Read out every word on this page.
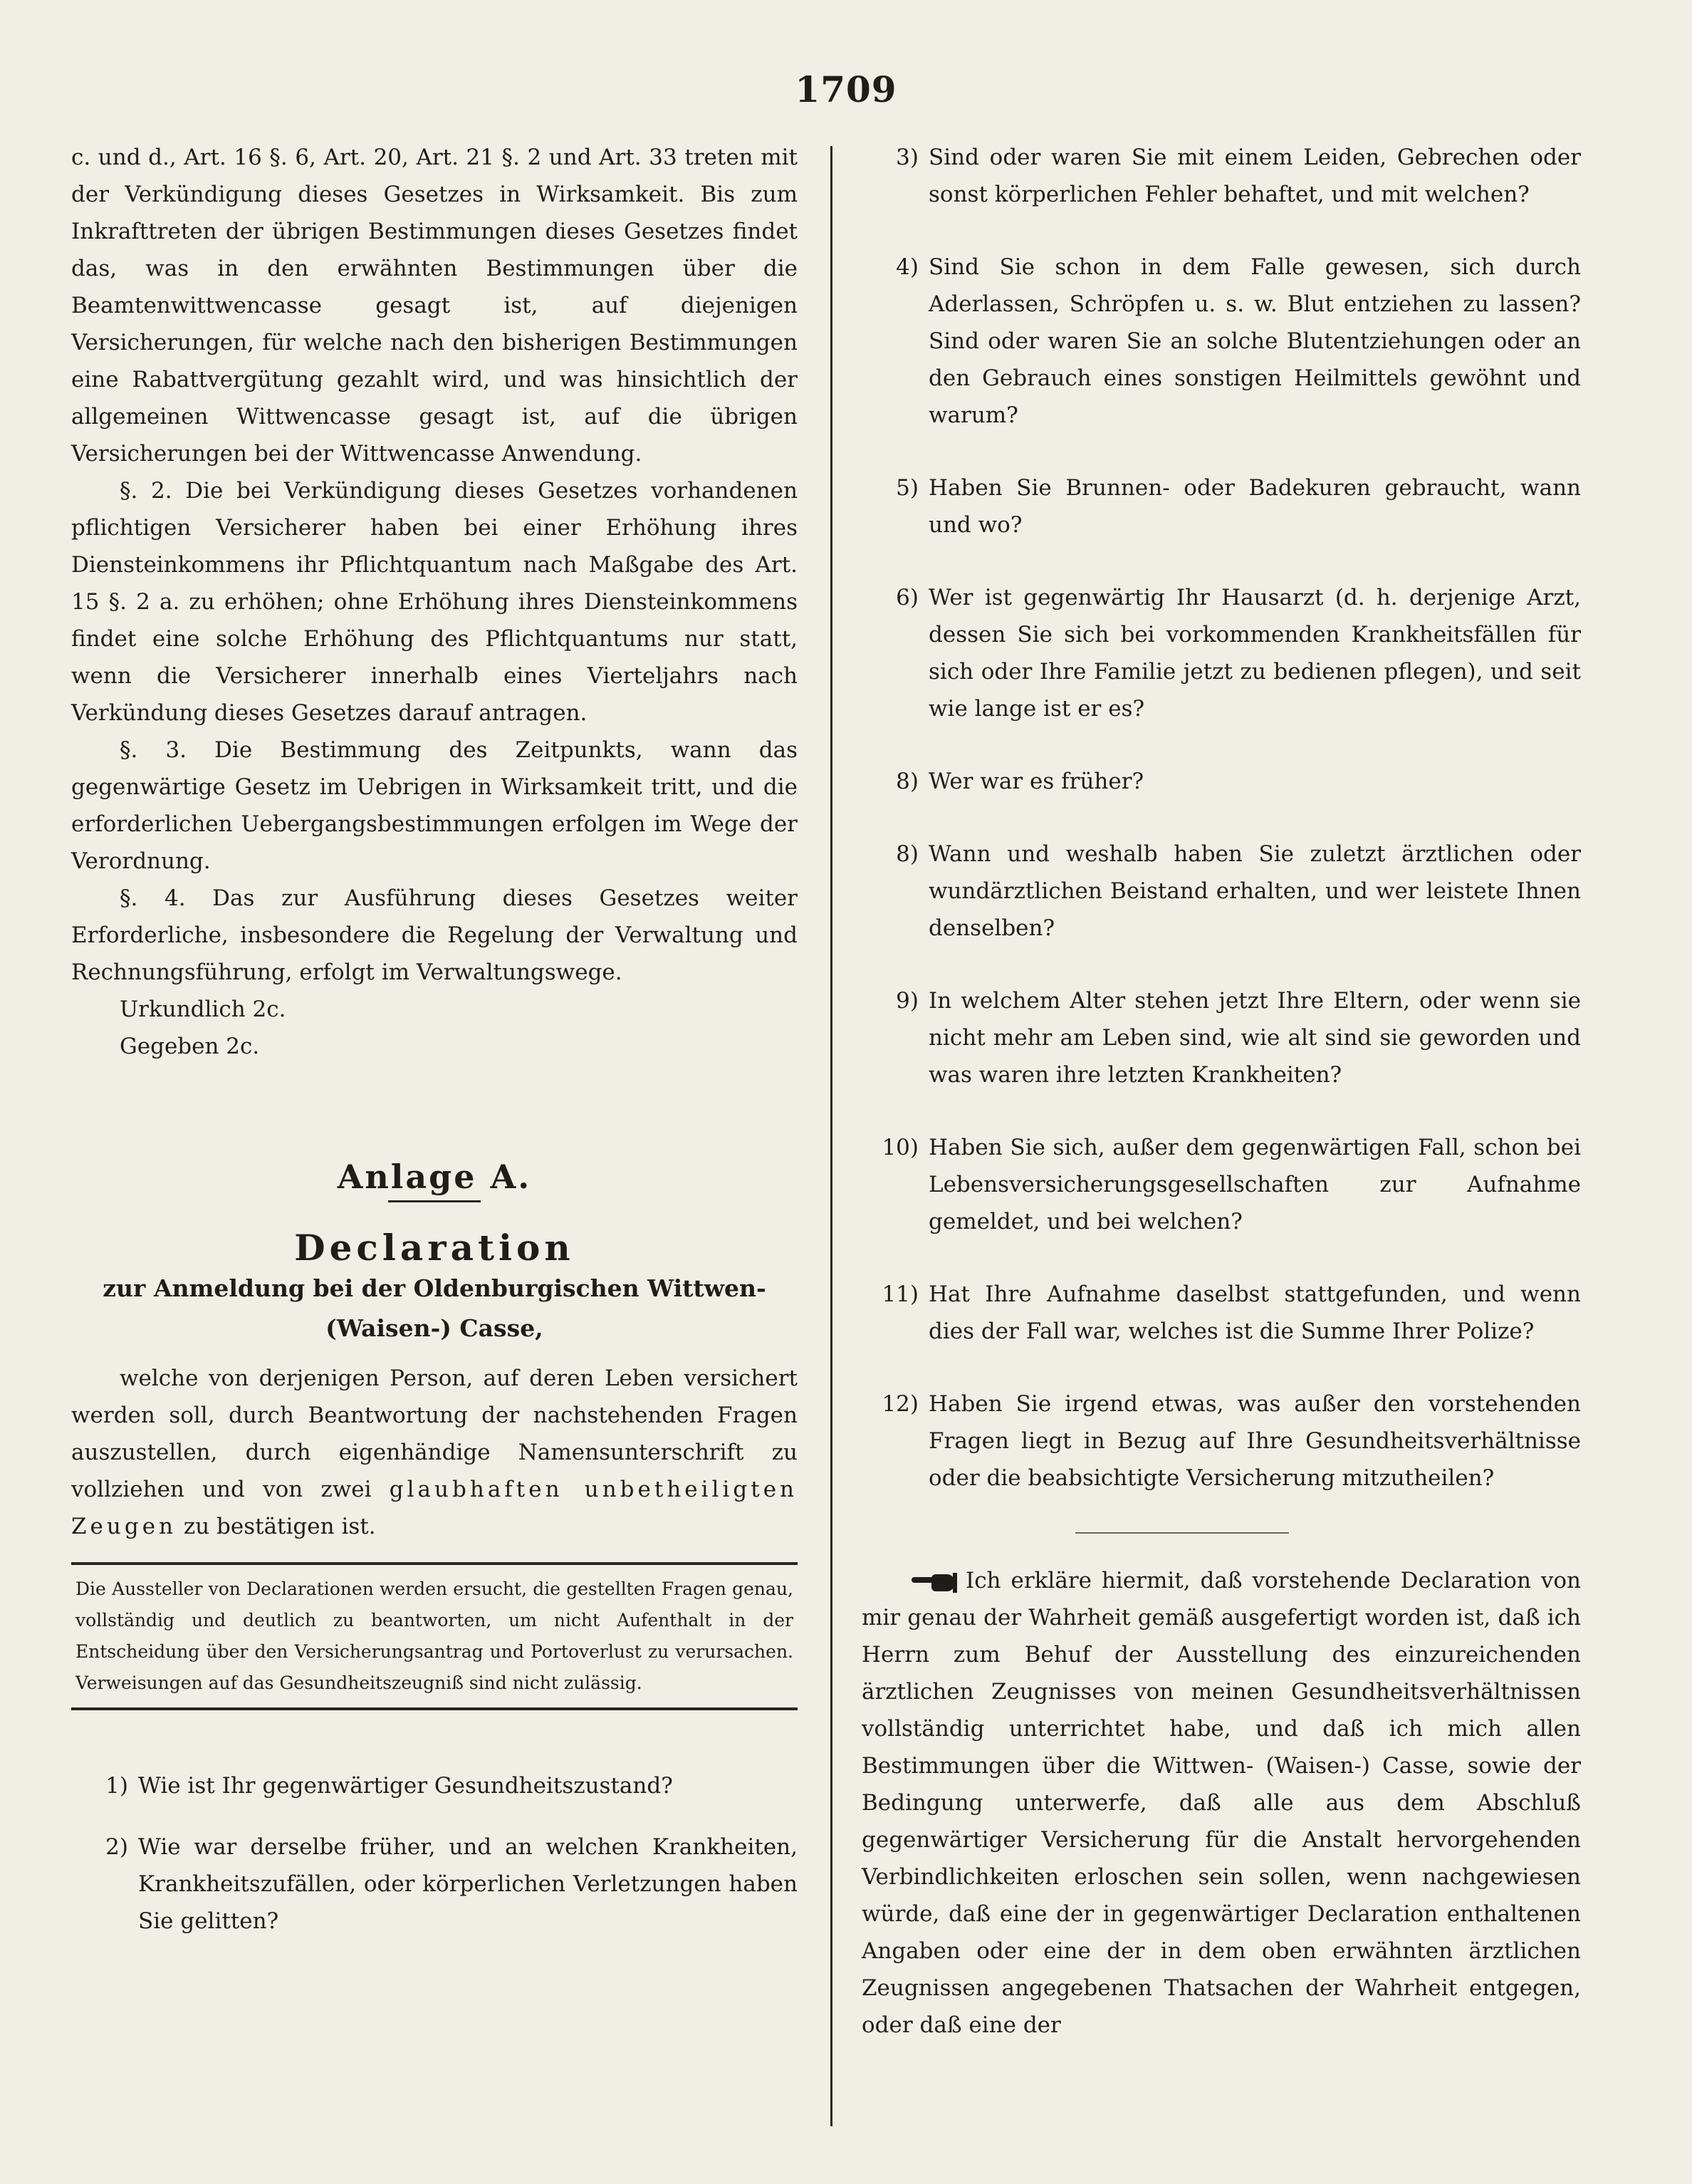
1709

c. und d., Art. 16 §. 6, Art. 20, Art. 21 §. 2 und Art. 33 treten mit der Verkündigung dieses Gesetzes in Wirksamkeit. Bis zum Inkrafttreten der übrigen Bestimmungen dieses Gesetzes findet das, was in den erwähnten Bestimmungen über die Beamtenwittwencasse gesagt ist, auf diejenigen Versicherungen, für welche nach den bisherigen Bestimmungen eine Rabattvergütung gezahlt wird, und was hinsichtlich der allgemeinen Wittwencasse gesagt ist, auf die übrigen Versicherungen bei der Wittwencasse Anwendung.

§. 2. Die bei Verkündigung dieses Gesetzes vorhandenen pflichtigen Versicherer haben bei einer Erhöhung ihres Diensteinkommens ihr Pflichtquantum nach Maßgabe des Art. 15 §. 2 a. zu erhöhen; ohne Erhöhung ihres Diensteinkommens findet eine solche Erhöhung des Pflichtquantums nur statt, wenn die Versicherer innerhalb eines Vierteljahrs nach Verkündung dieses Gesetzes darauf antragen.

§. 3. Die Bestimmung des Zeitpunkts, wann das gegenwärtige Gesetz im Uebrigen in Wirksamkeit tritt, und die erforderlichen Uebergangsbestimmungen erfolgen im Wege der Verordnung.

§. 4. Das zur Ausführung dieses Gesetzes weiter Erforderliche, insbesondere die Regelung der Verwaltung und Rechnungsführung, erfolgt im Verwaltungswege.

Urkundlich 2c.

Gegeben 2c.

Anlage A.
Declaration
zur Anmeldung bei der Oldenburgischen Wittwen-
(Waisen-) Casse,

welche von derjenigen Person, auf deren Leben versichert werden soll, durch Beantwortung der nachstehenden Fragen auszustellen, durch eigenhändige Namensunterschrift zu vollziehen und von zwei glaubhaften unbetheiligten Zeugen zu bestätigen ist.

Die Aussteller von Declarationen werden ersucht, die gestellten Fragen genau, vollständig und deutlich zu beantworten, um nicht Aufenthalt in der Entscheidung über den Versicherungsantrag und Portoverlust zu verursachen. Verweisungen auf das Gesundheitszeugniß sind nicht zulässig.

1) Wie ist Ihr gegenwärtiger Gesundheitszustand?
2) Wie war derselbe früher, und an welchen Krankheiten, Krankheitszufällen, oder körperlichen Verletzungen haben Sie gelitten?
3) Sind oder waren Sie mit einem Leiden, Gebrechen oder sonst körperlichen Fehler behaftet, und mit welchen?
4) Sind Sie schon in dem Falle gewesen, sich durch Aderlassen, Schröpfen u. s. w. Blut entziehen zu lassen? Sind oder waren Sie an solche Blutentziehungen oder an den Gebrauch eines sonstigen Heilmittels gewöhnt und warum?
5) Haben Sie Brunnen- oder Badekuren gebraucht, wann und wo?
6) Wer ist gegenwärtig Ihr Hausarzt (d. h. derjenige Arzt, dessen Sie sich bei vorkommenden Krankheitsfällen für sich oder Ihre Familie jetzt zu bedienen pflegen), und seit wie lange ist er es?
8) Wer war es früher?
8) Wann und weshalb haben Sie zuletzt ärztlichen oder wundärztlichen Beistand erhalten, und wer leistete Ihnen denselben?
9) In welchem Alter stehen jetzt Ihre Eltern, oder wenn sie nicht mehr am Leben sind, wie alt sind sie geworden und was waren ihre letzten Krankheiten?
10) Haben Sie sich, außer dem gegenwärtigen Fall, schon bei Lebensversicherungsgesellschaften zur Aufnahme gemeldet, und bei welchen?
11) Hat Ihre Aufnahme daselbst stattgefunden, und wenn dies der Fall war, welches ist die Summe Ihrer Polize?
12) Haben Sie irgend etwas, was außer den vorstehenden Fragen liegt in Bezug auf Ihre Gesundheitsverhältnisse oder die beabsichtigte Versicherung mitzutheilen?

Ich erkläre hiermit, daß vorstehende Declaration von mir genau der Wahrheit gemäß ausgefertigt worden ist, daß ich Herrn zum Behuf der Ausstellung des einzureichenden ärztlichen Zeugnisses von meinen Gesundheitsverhältnissen vollständig unterrichtet habe, und daß ich mich allen Bestimmungen über die Wittwen- (Waisen-) Casse, sowie der Bedingung unterwerfe, daß alle aus dem Abschluß gegenwärtiger Versicherung für die Anstalt hervorgehenden Verbindlichkeiten erloschen sein sollen, wenn nachgewiesen würde, daß eine der in gegenwärtiger Declaration enthaltenen Angaben oder eine der in dem oben erwähnten ärztlichen Zeugnissen angegebenen Thatsachen der Wahrheit entgegen, oder daß eine der
